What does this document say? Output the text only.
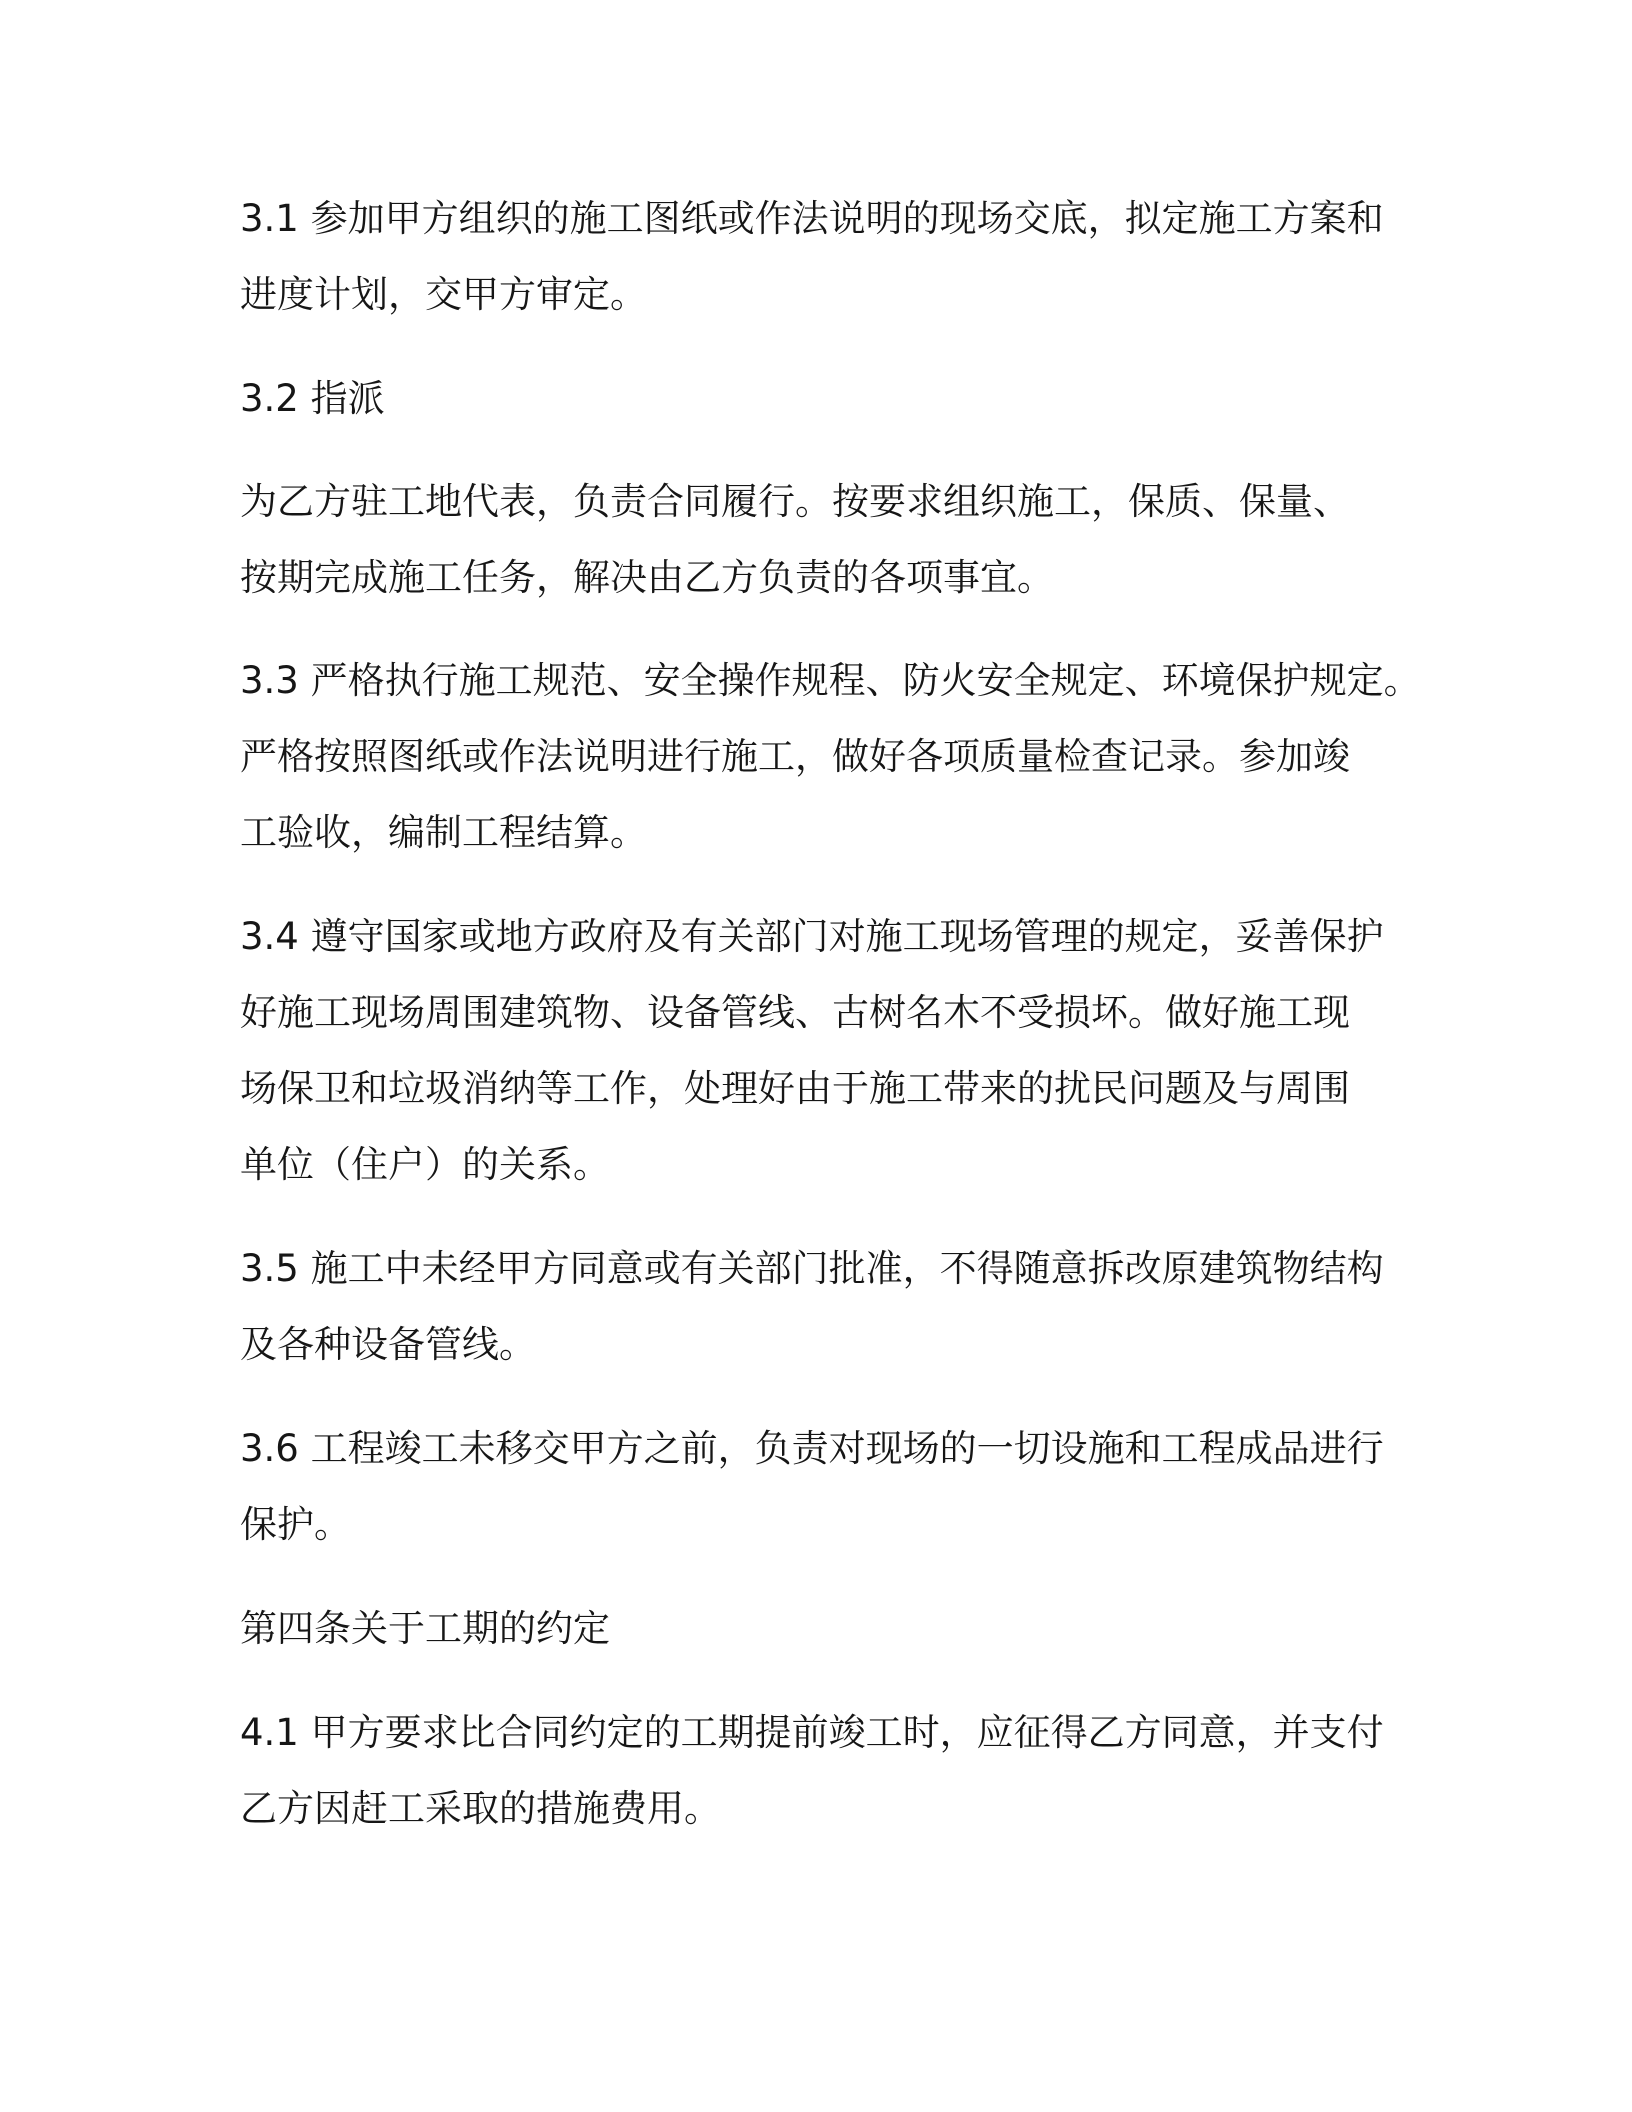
3.1 参加甲方组织的施工图纸或作法说明的现场交底，拟定施工方案和
进度计划，交甲方审定。
3.2 指派
为乙方驻工地代表，负责合同履行。按要求组织施工，保质、保量、
按期完成施工任务，解决由乙方负责的各项事宜。
3.3 严格执行施工规范、安全操作规程、防火安全规定、环境保护规定。
严格按照图纸或作法说明进行施工，做好各项质量检查记录。参加竣
工验收，编制工程结算。
3.4 遵守国家或地方政府及有关部门对施工现场管理的规定，妥善保护
好施工现场周围建筑物、设备管线、古树名木不受损坏。做好施工现
场保卫和垃圾消纳等工作，处理好由于施工带来的扰民问题及与周围
单位（住户）的关系。
3.5 施工中未经甲方同意或有关部门批准，不得随意拆改原建筑物结构
及各种设备管线。
3.6 工程竣工未移交甲方之前，负责对现场的一切设施和工程成品进行
保护。
第四条关于工期的约定
4.1 甲方要求比合同约定的工期提前竣工时，应征得乙方同意，并支付
乙方因赶工采取的措施费用。
